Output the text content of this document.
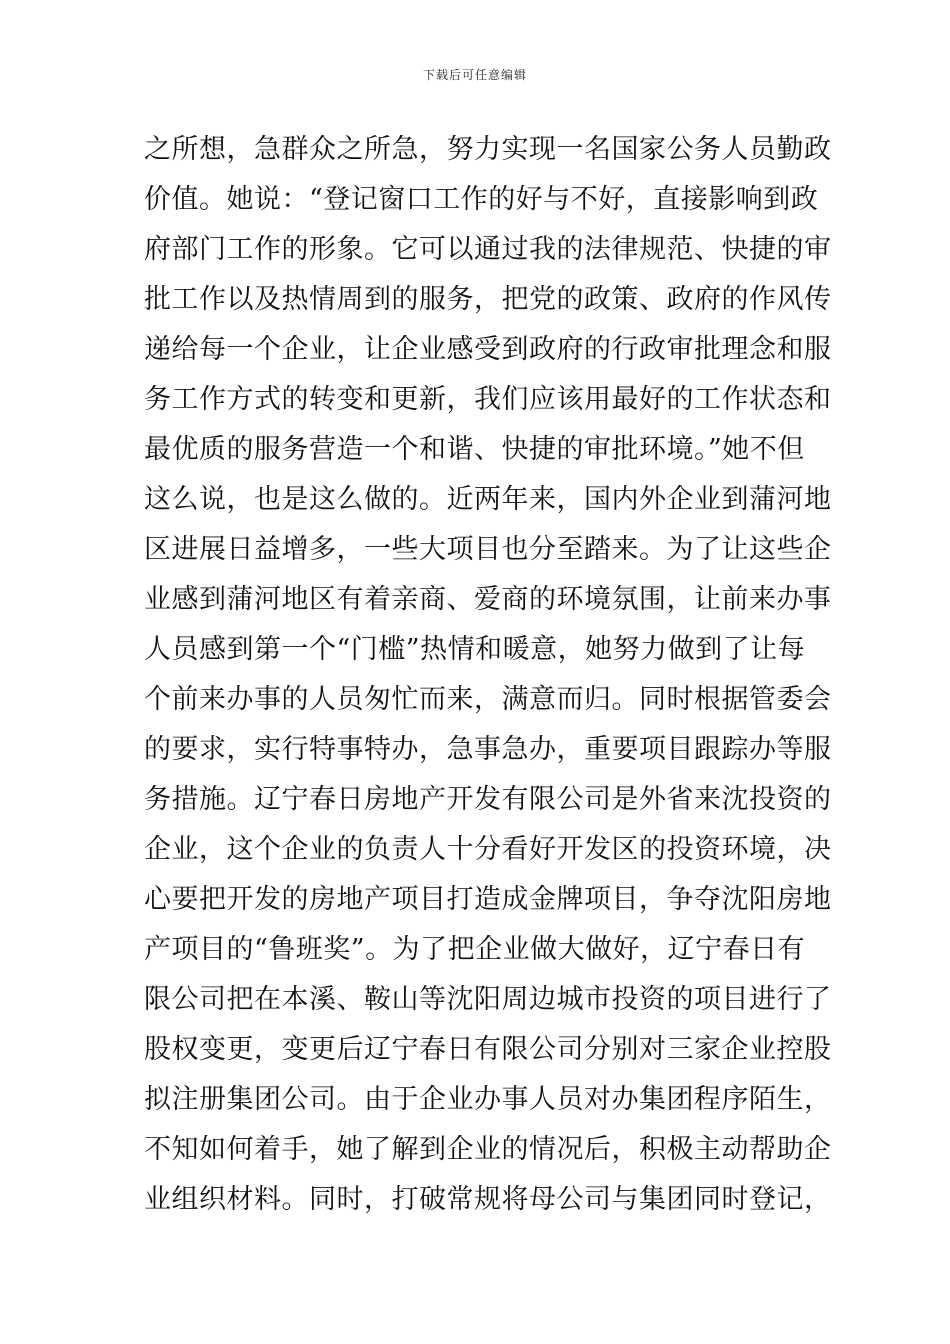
下载后可任意编辑
之所想，急群众之所急，努力实现一名国家公务人员勤政
价值。她说：“登记窗口工作的好与不好，直接影响到政
府部门工作的形象。它可以通过我的法律规范、快捷的审
批工作以及热情周到的服务，把党的政策、政府的作风传
递给每一个企业，让企业感受到政府的行政审批理念和服
务工作方式的转变和更新，我们应该用最好的工作状态和
最优质的服务营造一个和谐、快捷的审批环境。”她不但
这么说，也是这么做的。近两年来，国内外企业到蒲河地
区进展日益增多，一些大项目也分至踏来。为了让这些企
业感到蒲河地区有着亲商、爱商的环境氛围，让前来办事
人员感到第一个“门槛”热情和暖意，她努力做到了让每
个前来办事的人员匆忙而来，满意而归。同时根据管委会
的要求，实行特事特办，急事急办，重要项目跟踪办等服
务措施。辽宁春日房地产开发有限公司是外省来沈投资的
企业，这个企业的负责人十分看好开发区的投资环境，决
心要把开发的房地产项目打造成金牌项目，争夺沈阳房地
产项目的“鲁班奖”。为了把企业做大做好，辽宁春日有
限公司把在本溪、鞍山等沈阳周边城市投资的项目进行了
股权变更，变更后辽宁春日有限公司分别对三家企业控股
拟注册集团公司。由于企业办事人员对办集团程序陌生，
不知如何着手，她了解到企业的情况后，积极主动帮助企
业组织材料。同时，打破常规将母公司与集团同时登记，
